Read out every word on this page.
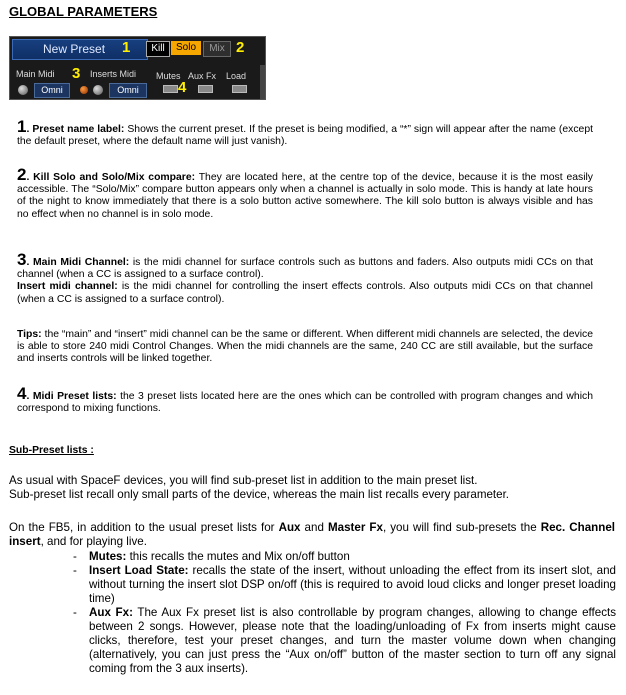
GLOBAL PARAMETERS
New Preset 1	Kill	Solo	Mix 2
Main Midi 3 Inserts Midi Mutes Aux Fx Load
Omni	Omni	4
1. Preset name label: Shows the current preset. If the preset is being modified, a “*” sign will appear after the name (except the default preset, where the default name will just vanish).
2. Kill Solo and Solo/Mix compare: They are located here, at the centre top of the device, because it is the most easily accessible. The “Solo/Mix” compare button appears only when a channel is actually in solo mode. This is handy at late hours of the night to know immediately that there is a solo button active somewhere. The kill solo button is always visible and has no effect when no channel is in solo mode.
3. Main Midi Channel: is the midi channel for surface controls such as buttons and faders. Also outputs midi CCs on that channel (when a CC is assigned to a surface control).
Insert midi channel: is the midi channel for controlling the insert effects controls. Also outputs midi CCs on that channel (when a CC is assigned to a surface control).
Tips: the “main” and “insert” midi channel can be the same or different. When different midi channels are selected, the device is able to store 240 midi Control Changes. When the midi channels are the same, 240 CC are still available, but the surface and inserts controls will be linked together.
4. Midi Preset lists: the 3 preset lists located here are the ones which can be controlled with program changes and which correspond to mixing functions.
Sub-Preset lists :
As usual with SpaceF devices, you will find sub-preset list in addition to the main preset list.
Sub-preset list recall only small parts of the device, whereas the main list recalls every parameter.
On the FB5, in addition to the usual preset lists for Aux and Master Fx, you will find sub-presets the Rec. Channel insert, and for playing live.
- Mutes: this recalls the mutes and Mix on/off button
- Insert Load State: recalls the state of the insert, without unloading the effect from its insert slot, and without turning the insert slot DSP on/off (this is required to avoid loud clicks and longer preset loading time)
- Aux Fx: The Aux Fx preset list is also controllable by program changes, allowing to change effects between 2 songs. However, please note that the loading/unloading of Fx from inserts might cause clicks, therefore, test your preset changes, and turn the master volume down when changing (alternatively, you can just press the “Aux on/off” button of the master section to turn off any signal coming from the 3 aux inserts).
